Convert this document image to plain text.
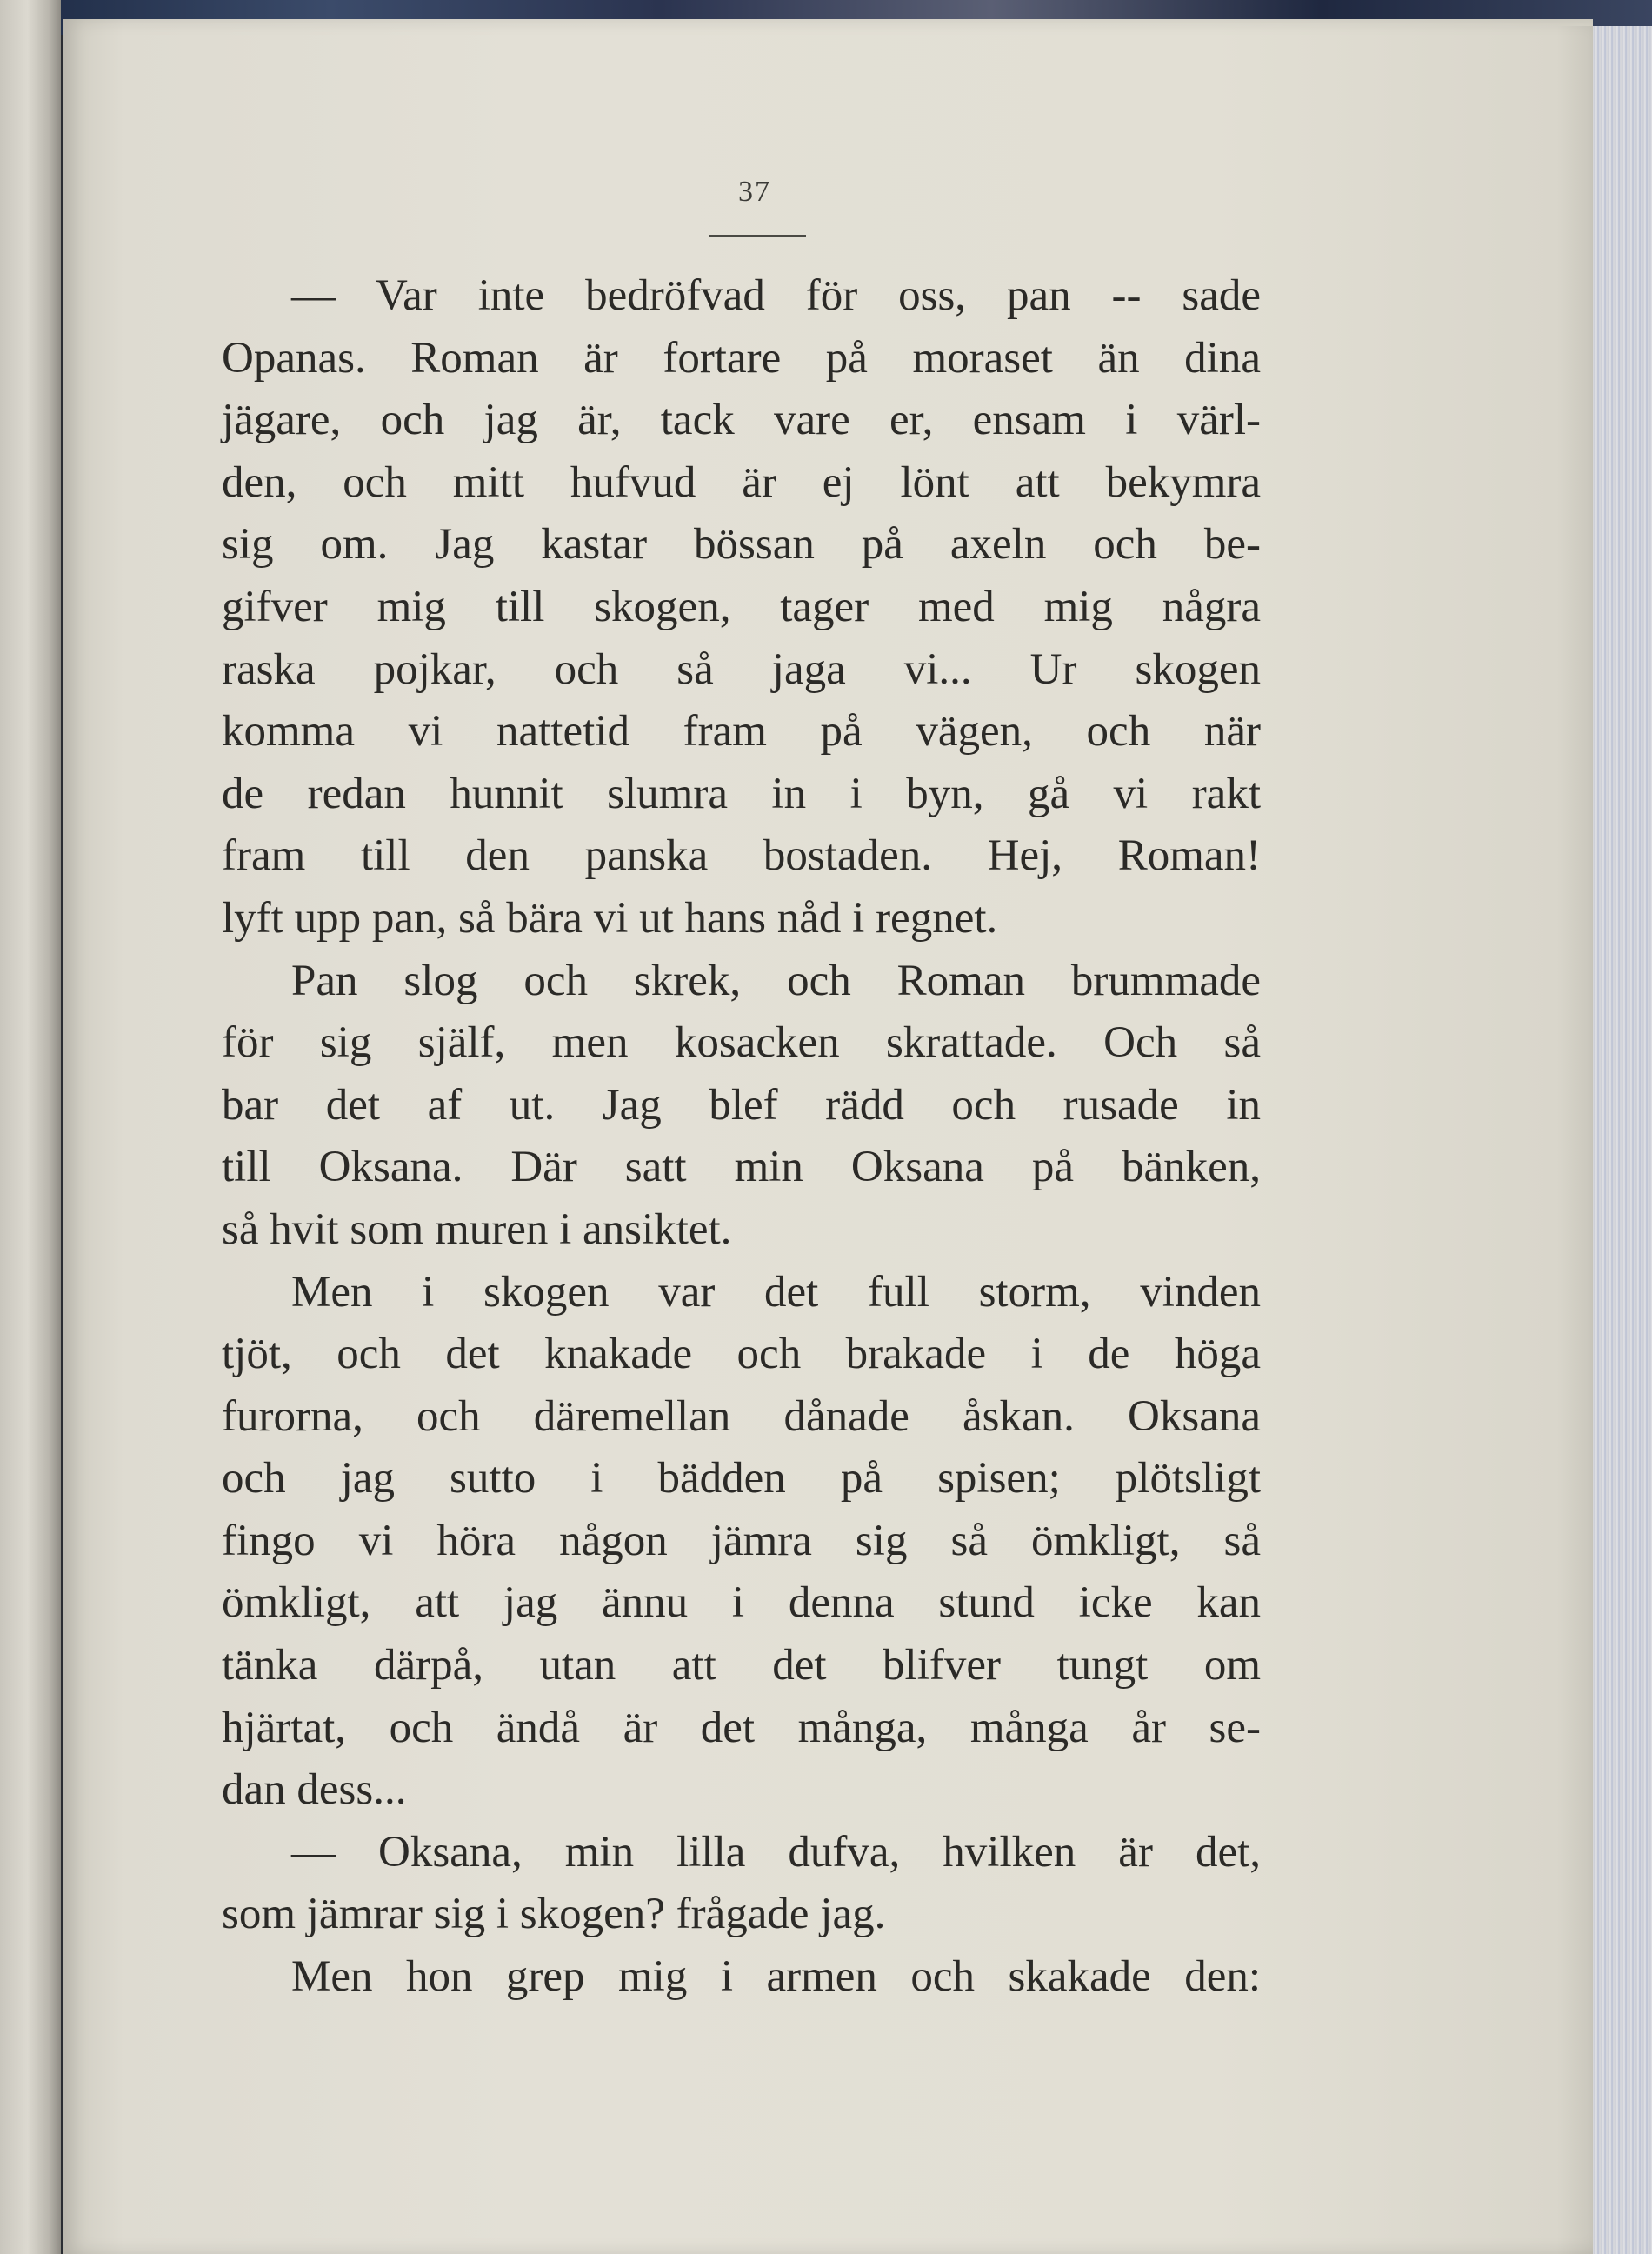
37
— Var inte bedröfvad för oss, pan -- sade
Opanas. Roman är fortare på moraset än dina
jägare, och jag är, tack vare er, ensam i värl-
den, och mitt hufvud är ej lönt att bekymra
sig om. Jag kastar bössan på axeln och be-
gifver mig till skogen, tager med mig några
raska pojkar, och så jaga vi... Ur skogen
komma vi nattetid fram på vägen, och när
de redan hunnit slumra in i byn, gå vi rakt
fram till den panska bostaden. Hej, Roman!
lyft upp pan, så bära vi ut hans nåd i regnet.
Pan slog och skrek, och Roman brummade
för sig själf, men kosacken skrattade. Och så
bar det af ut. Jag blef rädd och rusade in
till Oksana. Där satt min Oksana på bänken,
så hvit som muren i ansiktet.
Men i skogen var det full storm, vinden
tjöt, och det knakade och brakade i de höga
furorna, och däremellan dånade åskan. Oksana
och jag sutto i bädden på spisen; plötsligt
fingo vi höra någon jämra sig så ömkligt, så
ömkligt, att jag ännu i denna stund icke kan
tänka därpå, utan att det blifver tungt om
hjärtat, och ändå är det många, många år se-
dan dess...
— Oksana, min lilla dufva, hvilken är det,
som jämrar sig i skogen? frågade jag.
Men hon grep mig i armen och skakade den:
